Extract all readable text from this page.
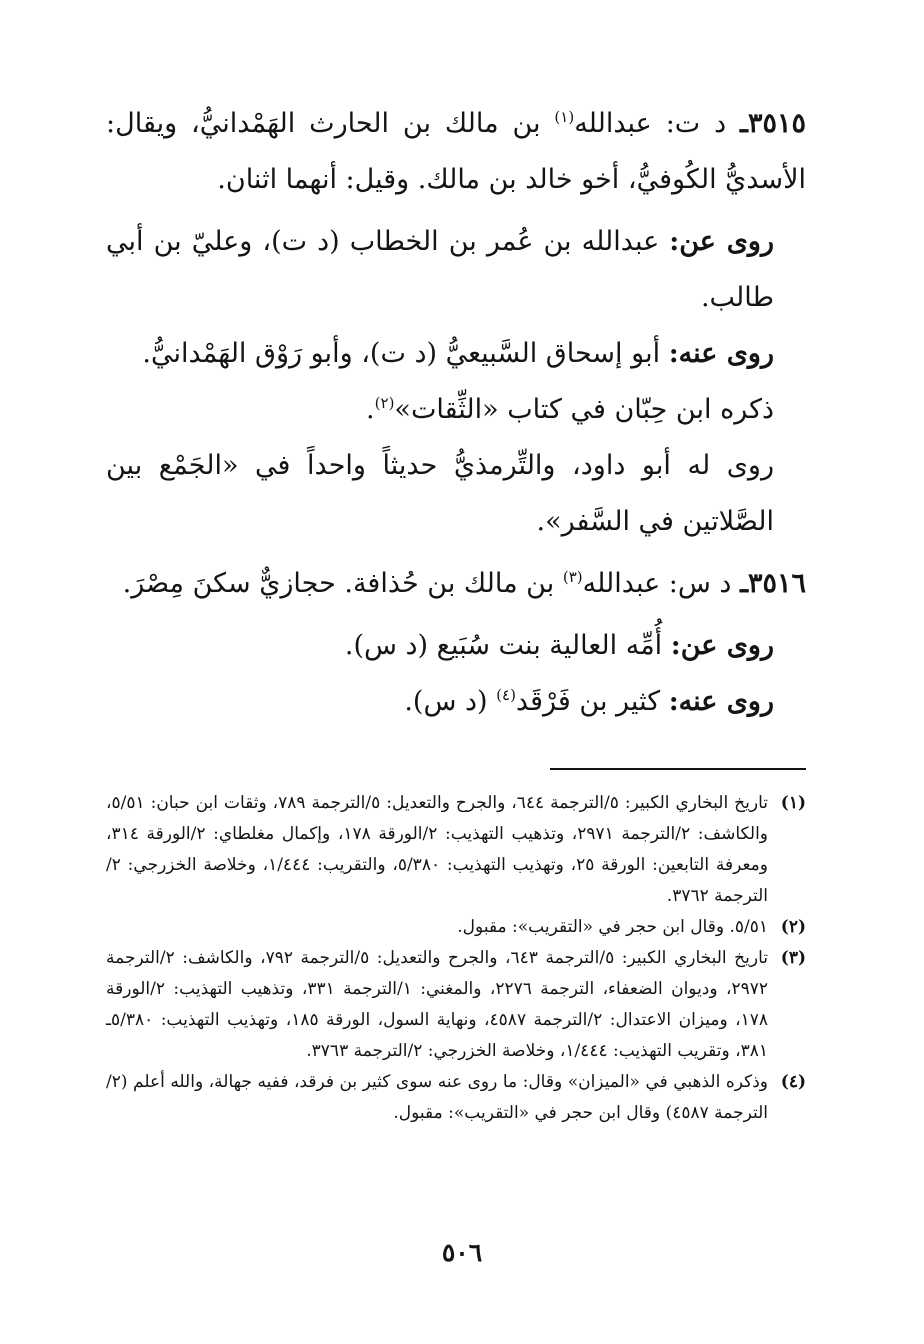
٣٥١٥ـ د ت: عبدالله$^{(١)}$ بن مالك بن الحارث الهَمْدانيُّ، ويقال: الأسديُّ الكُوفيُّ، أخو خالد بن مالك. وقيل: أنهما اثنان.

روى عن: عبدالله بن عُمر بن الخطاب (د ت)، وعليّ بن أبي طالب.

روى عنه: أبو إسحاق السَّبيعيُّ (د ت)، وأبو رَوْق الهَمْدانيُّ.

ذكره ابن حِبّان في كتاب «الثِّقات»$^{(٢)}$.

روى له أبو داود، والتِّرمذيُّ حديثاً واحداً في «الجَمْع بين الصَّلاتين في السَّفر».

٣٥١٦ـ د س: عبدالله$^{(٣)}$ بن مالك بن حُذافة. حجازيٌّ سكنَ مِصْرَ.

روى عن: أُمِّه العالية بنت سُبَيع (د س).

روى عنه: كثير بن فَرْقَد$^{(٤)}$ (د س).

(١)
تاريخ البخاري الكبير: ٥/الترجمة ٦٤٤، والجرح والتعديل: ٥/الترجمة ٧٨٩، وثقات ابن حبان: ٥/٥١، والكاشف: ٢/الترجمة ٢٩٧١، وتذهيب التهذيب: ٢/الورقة ١٧٨، وإكمال مغلطاي: ٢/الورقة ٣١٤، ومعرفة التابعين: الورقة ٢٥، وتهذيب التهذيب: ٥/٣٨٠، والتقريب: ١/٤٤٤، وخلاصة الخزرجي: ٢/الترجمة ٣٧٦٢.
(٢)
٥/٥١. وقال ابن حجر في «التقريب»: مقبول.
(٣)
تاريخ البخاري الكبير: ٥/الترجمة ٦٤٣، والجرح والتعديل: ٥/الترجمة ٧٩٢، والكاشف: ٢/الترجمة ٢٩٧٢، وديوان الضعفاء، الترجمة ٢٢٧٦، والمغني: ١/الترجمة ٣٣١، وتذهيب التهذيب: ٢/الورقة ١٧٨، وميزان الاعتدال: ٢/الترجمة ٤٥٨٧، ونهاية السول، الورقة ١٨٥، وتهذيب التهذيب: ٥/٣٨٠ـ ٣٨١، وتقريب التهذيب: ١/٤٤٤، وخلاصة الخزرجي: ٢/الترجمة ٣٧٦٣.
(٤)
وذكره الذهبي في «الميزان» وقال: ما روى عنه سوى كثير بن فرقد، ففيه جهالة، والله أعلم (٢/الترجمة ٤٥٨٧) وقال ابن حجر في «التقريب»: مقبول.
٥٠٦
